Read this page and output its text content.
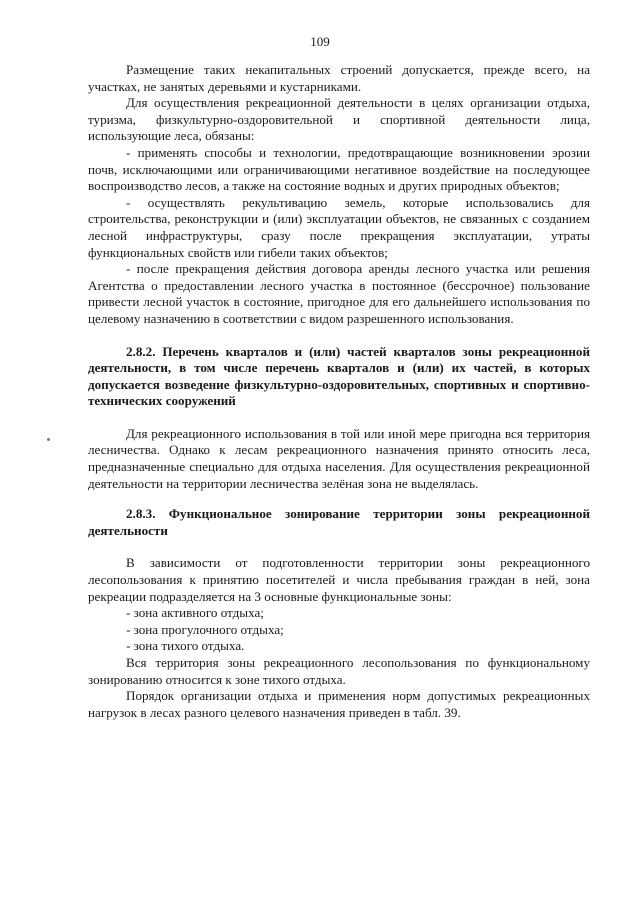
109

Размещение таких некапитальных строений допускается, прежде всего, на участках, не занятых деревьями и кустарниками.

Для осуществления рекреационной деятельности в целях организации отдыха, туризма, физкультурно-оздоровительной и спортивной деятельности лица, использующие леса, обязаны:

- применять способы и технологии, предотвращающие возникновении эрозии почв, исключающими или ограничивающими негативное воздействие на последующее воспроизводство лесов, а также на состояние водных и других природных объектов;

- осуществлять рекультивацию земель, которые использовались для строительства, реконструкции и (или) эксплуатации объектов, не связанных с созданием лесной инфраструктуры, сразу после прекращения эксплуатации, утраты функциональных свойств или гибели таких объектов;

- после прекращения действия договора аренды лесного участка или решения Агентства о предоставлении лесного участка в постоянное (бессрочное) пользование привести лесной участок в состояние, пригодное для его дальнейшего использования по целевому назначению в соответствии с видом разрешенного использования.

2.8.2. Перечень кварталов и (или) частей кварталов зоны рекреационной деятельности, в том числе перечень кварталов и (или) их частей, в которых допускается возведение физкультурно-оздоровительных, спортивных и спортивно-технических сооружений

Для рекреационного использования в той или иной мере пригодна вся территория лесничества. Однако к лесам рекреационного назначения принято относить леса, предназначенные специально для отдыха населения. Для осуществления рекреационной деятельности на территории лесничества зелёная зона не выделялась.

2.8.3. Функциональное зонирование территории зоны рекреационной деятельности

В зависимости от подготовленности территории зоны рекреационного лесопользования к принятию посетителей и числа пребывания граждан в ней, зона рекреации подразделяется на 3 основные функциональные зоны:

- зона активного отдыха;

- зона прогулочного отдыха;

- зона тихого отдыха.

Вся территория зоны рекреационного лесопользования по функциональному зонированию относится к зоне тихого отдыха.

Порядок организации отдыха и применения норм допустимых рекреационных нагрузок в лесах разного целевого назначения приведен в табл. 39.
